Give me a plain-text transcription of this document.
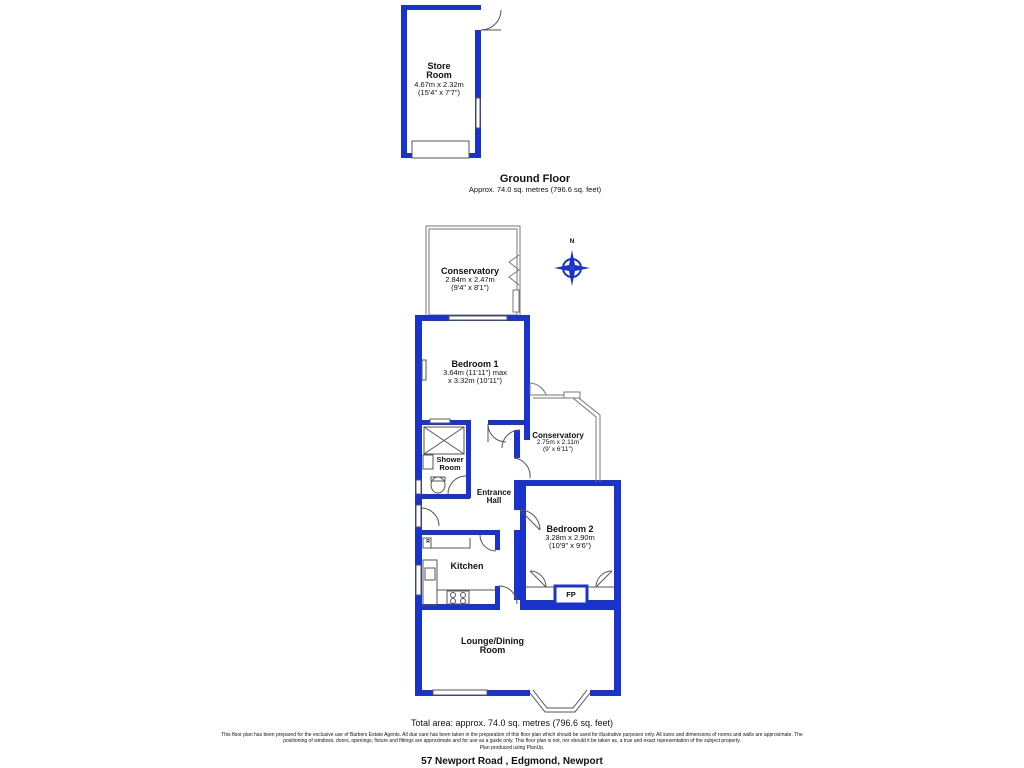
Store
Room
4.67m x 2.32m
(15'4" x 7'7")
Ground Floor
Approx. 74.0 sq. metres (796.6 sq. feet)
Conservatory
2.84m x 2.47m
(9'4" x 8'1")
Bedroom 1
3.64m (11'11") max
x 3.32m (10'11")
Conservatory
2.75m x 2.11m
(9' x 6'11")
Shower
Room
Entrance
Hall
Bedroom 2
3.28m x 2.90m
(10'9" x 9'6")
FP
R
N
Kitchen
Lounge/Dining
Room
Total area: approx. 74.0 sq. metres (796.6 sq. feet)
This floor plan has been prepared for the exclusive use of Barbers Estate Agents. All due care has been taken in the preparation of this floor plan which should be used for illustrative purposes only. All sizes and dimensions of rooms and walls are approximate. The
positioning of windows, doors, openings, fixture and fittings are approximate and for use as a guide only. This floor plan is not, nor should it be taken as, a true and exact representation of the subject property.
Plan produced using PlanUp.
57 Newport Road , Edgmond, Newport
